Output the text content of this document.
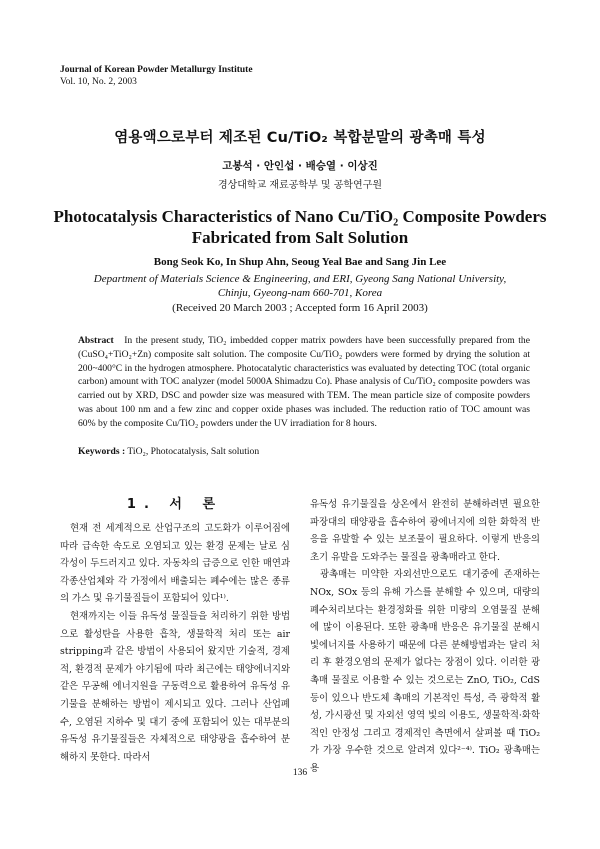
Journal of Korean Powder Metallurgy Institute
Vol. 10, No. 2, 2003
염용액으로부터 제조된 Cu/TiO₂ 복합분말의 광촉매 특성
고봉석 · 안인섭 · 배승열 · 이상진
경상대학교 재료공학부 및 공학연구원
Photocatalysis Characteristics of Nano Cu/TiO₂ Composite Powders
Fabricated from Salt Solution
Bong Seok Ko, In Shup Ahn, Seoug Yeal Bae and Sang Jin Lee
Department of Materials Science & Engineering, and ERI, Gyeong Sang National University,
Chinju, Gyeong-nam 660-701, Korea
(Received 20 March 2003 ; Accepted form 16 April 2003)
Abstract In the present study, TiO₂ imbedded copper matrix powders have been successfully prepared from the (CuSO₄+TiO₂+Zn) composite salt solution. The composite Cu/TiO₂ powders were formed by drying the solution at 200~400°C in the hydrogen atmosphere. Photocatalytic characteristics was evaluated by detecting TOC (total organic carbon) amount with TOC analyzer (model 5000A Shimadzu Co). Phase analysis of Cu/TiO₂ composite powders was carried out by XRD, DSC and powder size was measured with TEM. The mean particle size of composite powders was about 100 nm and a few zinc and copper oxide phases was included. The reduction ratio of TOC amount was 60% by the composite Cu/TiO₂ powders under the UV irradiation for 8 hours.
Keywords : TiO₂, Photocatalysis, Salt solution
1. 서 론

현재 전 세계적으로 산업구조의 고도화가 이루어짐에 따라 급속한 속도로 오염되고 있는 환경 문제는 날로 심각성이 두드러지고 있다. 자동차의 급증으로 인한 매연과 각종산업체와 각 가정에서 배출되는 폐수에는 많은 종류의 가스 및 유기물질들이 포함되어 있다¹⁾.

현재까지는 이들 유독성 물질들을 처리하기 위한 방법으로 활성탄을 사용한 흡착, 생물학적 처리 또는 air stripping과 같은 방법이 사용되어 왔지만 기술적, 경제적, 환경적 문제가 야기됨에 따라 최근에는 태양에너지와 같은 무공해 에너지원을 구동력으로 활용하여 유독성 유기물을 분해하는 방법이 제시되고 있다. 그러나 산업폐수, 오염된 지하수 및 대기 중에 포함되어 있는 대부분의 유독성 유기물질들은 자체적으로 태양광을 흡수하여 분해하지 못한다. 따라서

유독성 유기물질을 상온에서 완전히 분해하려면 필요한 파장대의 태양광을 흡수하여 광에너지에 의한 화학적 반응을 유발할 수 있는 보조물이 필요하다. 이렇게 반응의 초기 유발을 도와주는 물질을 광촉매라고 한다.

광촉매는 미약한 자외선만으로도 대기중에 존재하는 NOx, SOx 등의 유해 가스를 분해할 수 있으며, 대량의 폐수처리보다는 환경정화를 위한 미량의 오염물질 분해에 많이 이용된다. 또한 광촉매 반응은 유기물질 분해시 빛에너지를 사용하기 때문에 다른 분해방법과는 달리 처리 후 환경오염의 문제가 없다는 장점이 있다. 이러한 광촉매 물질로 이용할 수 있는 것으로는 ZnO, TiO₂, CdS 등이 있으나 반도체 촉매의 기본적인 특성, 즉 광학적 활성, 가시광선 및 자외선 영역 빛의 이용도, 생물학적·화학적인 안정성 그리고 경제적인 측면에서 살펴볼 때 TiO₂가 가장 우수한 것으로 알려져 있다²⁻⁴⁾. TiO₂ 광촉매는 용

136
